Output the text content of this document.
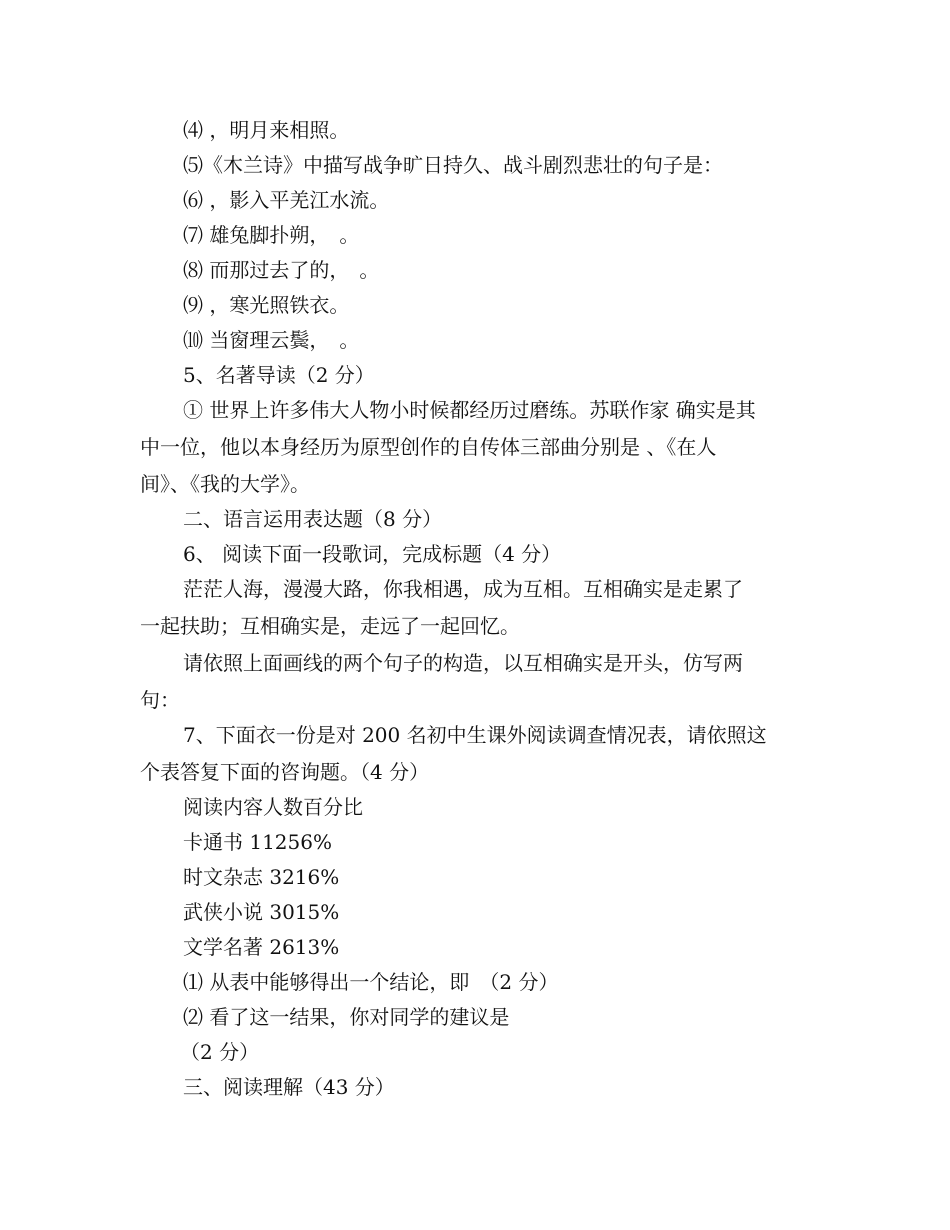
⑷ ，明月来相照。
⑸《木兰诗》中描写战争旷日持久、战斗剧烈悲壮的句子是：
⑹ ，影入平羌江水流。
⑺ 雄兔脚扑朔，　。
⑻ 而那过去了的，　。
⑼ ，寒光照铁衣。
⑽ 当窗理云鬓，　。
5、名著导读（2 分）
① 世界上许多伟大人物小时候都经历过磨练。苏联作家 确实是其
中一位，他以本身经历为原型创作的自传体三部曲分别是 、《在人
间》、《我的大学》。
二、语言运用表达题（8 分）
6、 阅读下面一段歌词，完成标题（4 分）
茫茫人海，漫漫大路，你我相遇，成为互相。互相确实是走累了
一起扶助；互相确实是，走远了一起回忆。
请依照上面画线的两个句子的构造，以互相确实是开头，仿写两
句：
7、下面衣一份是对 200 名初中生课外阅读调查情况表，请依照这
个表答复下面的咨询题。（4 分）
阅读内容人数百分比
卡通书 11256%
时文杂志 3216%
武侠小说 3015%
文学名著 2613%
⑴ 从表中能够得出一个结论，即　（2 分）
⑵ 看了这一结果，你对同学的建议是
（2 分）
三、阅读理解（43 分）
